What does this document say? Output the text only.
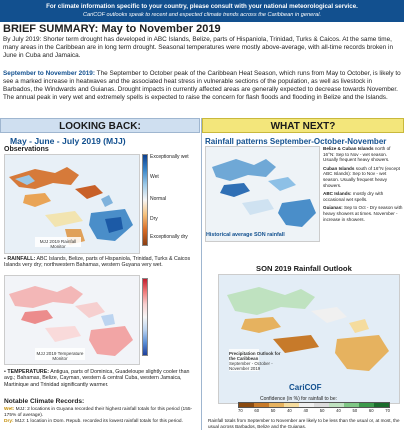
For climate information specific to your country, please consult with your national meteorological service.
CariCOF outlooks speak to recent and expected climate trends across the Caribbean in general.
BRIEF SUMMARY: May to November 2019
By July 2019: Shorter term drought has developed in ABC Islands, Belize, parts of Hispaniola, Trinidad, Turks & Caicos. At the same time, many areas in the Caribbean are in long term drought. Seasonal temperatures were mostly above-average, with all-time records broken in June in Cuba and Jamaica.
September to November 2019: The September to October peak of the Caribbean Heat Season, which runs from May to October, is likely to see a marked increase in heatwaves and the associated heat stress in vulnerable sections of the population, as well as livestock in Barbados, the Windwards and Guianas. Drought impacts in currently affected areas are generally expected to decrease towards November. The annual peak in very wet and extremely spells is expected to raise the concern for flash floods and flooding in Belize and the Islands.
LOOKING BACK:	WHAT NEXT?
May - June - July 2019 (MJJ)
Observations
MJJ 2019 Rainfall Monitor
Exceptionally wet
Wet
Normal
Dry
Exceptionally dry
• RAINFALL: ABC Islands, Belize, parts of Hispaniola, Trinidad, Turks & Caicos Islands very dry; northwestern Bahamas, western Guyana very wet.
MJJ 2019 Temperature Monitor
• TEMPERATURE: Antigua, parts of Dominica, Guadeloupe slightly cooler than avg.; Bahamas, Belize, Cayman, western & central Cuba, western Jamaica, Martinique and Trinidad significantly warmer.
Notable Climate Records:
Wet: MJJ: 2 locations in Guyana recorded their highest rainfall totals for this period (155-175% of average).
Dry: MJJ: 1 location in Dom. Repub. recorded its lowest rainfall totals for this period.
Rainfall patterns September-October-November
Historical average SON rainfall

Belize & Cuban Islands north of 16°N: Sep to Nov - wet season. Usually frequent heavy showers.

Cuban Islands south of 16°N (except ABC Islands): Sep to Nov - wet season. Usually frequent heavy showers.

ABC Islands: mostly dry with occasional wet spells.

Guianas: Sep to Oct - Dry season with heavy showers at times. November - increase in showers.

SON 2019 Rainfall Outlook
Precipitation Outlook for the Caribbean
September - October - November 2019
CariCOF
Confidence (in %) for rainfall to be:
70	60	50	40	40	50	40	50	60	70
Rainfall totals from September to November are likely to be less than the usual or, at most, the usual across Barbados, Belize and the Guianas.
